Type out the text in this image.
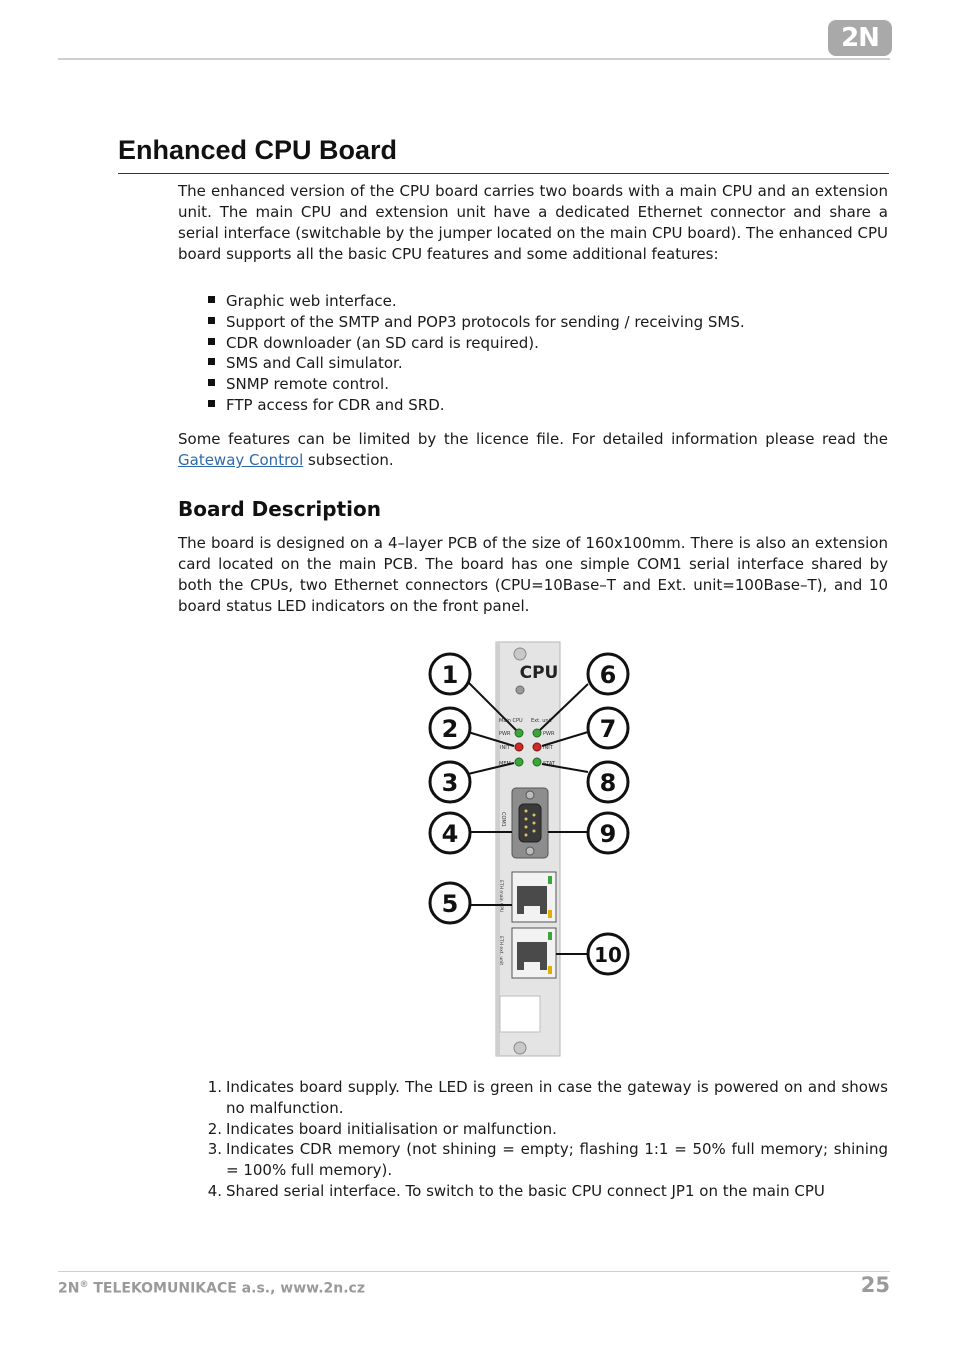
2N
Enhanced CPU Board

The enhanced version of the CPU board carries two boards with a main CPU and an extension unit. The main CPU and extension unit have a dedicated Ethernet connector and share a serial interface (switchable by the jumper located on the main CPU board). The enhanced CPU board supports all the basic CPU features and some additional features:

Graphic web interface.
Support of the SMTP and POP3 protocols for sending / receiving SMS.
CDR downloader (an SD card is required).
SMS and Call simulator.
SNMP remote control.
FTP access for CDR and SRD.

Some features can be limited by the licence file. For detailed information please read the Gateway Control subsection.

Board Description

The board is designed on a 4–layer PCB of the size of 160x100mm. There is also an extension card located on the main PCB. The board has one simple COM1 serial interface shared by both the CPUs, two Ethernet connectors (CPU=10Base–T and Ext. unit=100Base–T), and 10 board status LED indicators on the front panel.

CPU
Main CPU Ext. unit
PWR
INIT
MEM
PWR
INIT
STAT
COM1
ETH main CPU
ETH ext. unit
1
2
3
4
5
6
7
8
9
10
1. Indicates board supply. The LED is green in case the gateway is powered on and shows no malfunction.
2. Indicates board initialisation or malfunction.
3. Indicates CDR memory (not shining = empty; flashing 1:1 = 50% full memory; shining = 100% full memory).
4. Shared serial interface. To switch to the basic CPU connect JP1 on the main CPU
2N® TELEKOMUNIKACE a.s., www.2n.cz	25
